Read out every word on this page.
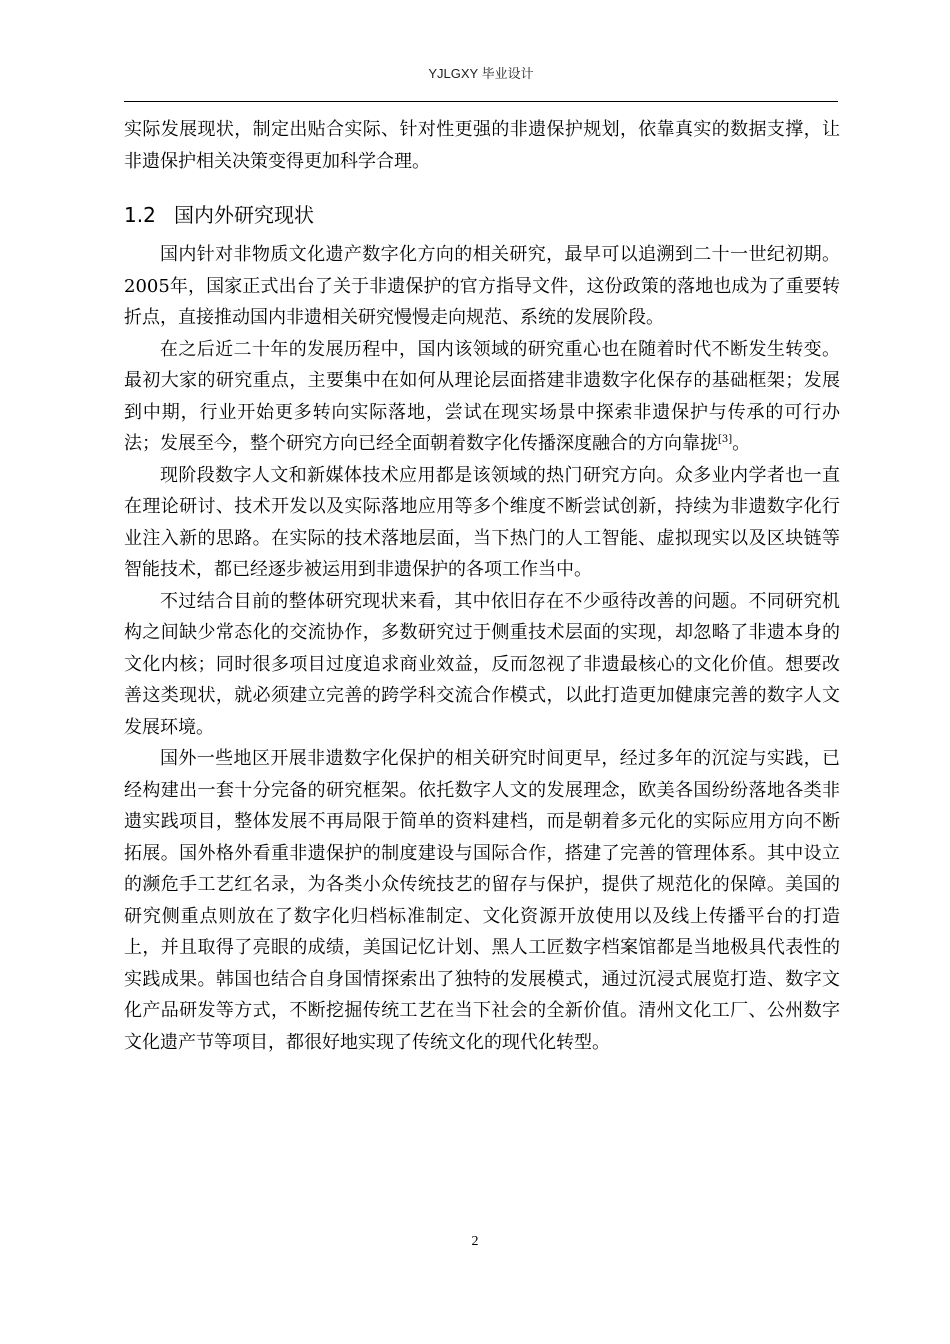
YJLGXY 毕业设计

实际发展现状，制定出贴合实际、针对性更强的非遗保护规划，依靠真实的数据支撑，让非遗保护相关决策变得更加科学合理。

1.2 国内外研究现状

国内针对非物质文化遗产数字化方向的相关研究，最早可以追溯到二十一世纪初期。2005年，国家正式出台了关于非遗保护的官方指导文件，这份政策的落地也成为了重要转折点，直接推动国内非遗相关研究慢慢走向规范、系统的发展阶段。

在之后近二十年的发展历程中，国内该领域的研究重心也在随着时代不断发生转变。最初大家的研究重点，主要集中在如何从理论层面搭建非遗数字化保存的基础框架；发展到中期，行业开始更多转向实际落地，尝试在现实场景中探索非遗保护与传承的可行办法；发展至今，整个研究方向已经全面朝着数字化传播深度融合的方向靠拢[3]。

现阶段数字人文和新媒体技术应用都是该领域的热门研究方向。众多业内学者也一直在理论研讨、技术开发以及实际落地应用等多个维度不断尝试创新，持续为非遗数字化行业注入新的思路。在实际的技术落地层面，当下热门的人工智能、虚拟现实以及区块链等智能技术，都已经逐步被运用到非遗保护的各项工作当中。

不过结合目前的整体研究现状来看，其中依旧存在不少亟待改善的问题。不同研究机构之间缺少常态化的交流协作，多数研究过于侧重技术层面的实现，却忽略了非遗本身的文化内核；同时很多项目过度追求商业效益，反而忽视了非遗最核心的文化价值。想要改善这类现状，就必须建立完善的跨学科交流合作模式，以此打造更加健康完善的数字人文发展环境。

国外一些地区开展非遗数字化保护的相关研究时间更早，经过多年的沉淀与实践，已经构建出一套十分完备的研究框架。依托数字人文的发展理念，欧美各国纷纷落地各类非遗实践项目，整体发展不再局限于简单的资料建档，而是朝着多元化的实际应用方向不断拓展。国外格外看重非遗保护的制度建设与国际合作，搭建了完善的管理体系。其中设立的濒危手工艺红名录，为各类小众传统技艺的留存与保护，提供了规范化的保障。美国的研究侧重点则放在了数字化归档标准制定、文化资源开放使用以及线上传播平台的打造上，并且取得了亮眼的成绩，美国记忆计划、黑人工匠数字档案馆都是当地极具代表性的实践成果。韩国也结合自身国情探索出了独特的发展模式，通过沉浸式展览打造、数字文化产品研发等方式，不断挖掘传统工艺在当下社会的全新价值。清州文化工厂、公州数字文化遗产节等项目，都很好地实现了传统文化的现代化转型。

2
